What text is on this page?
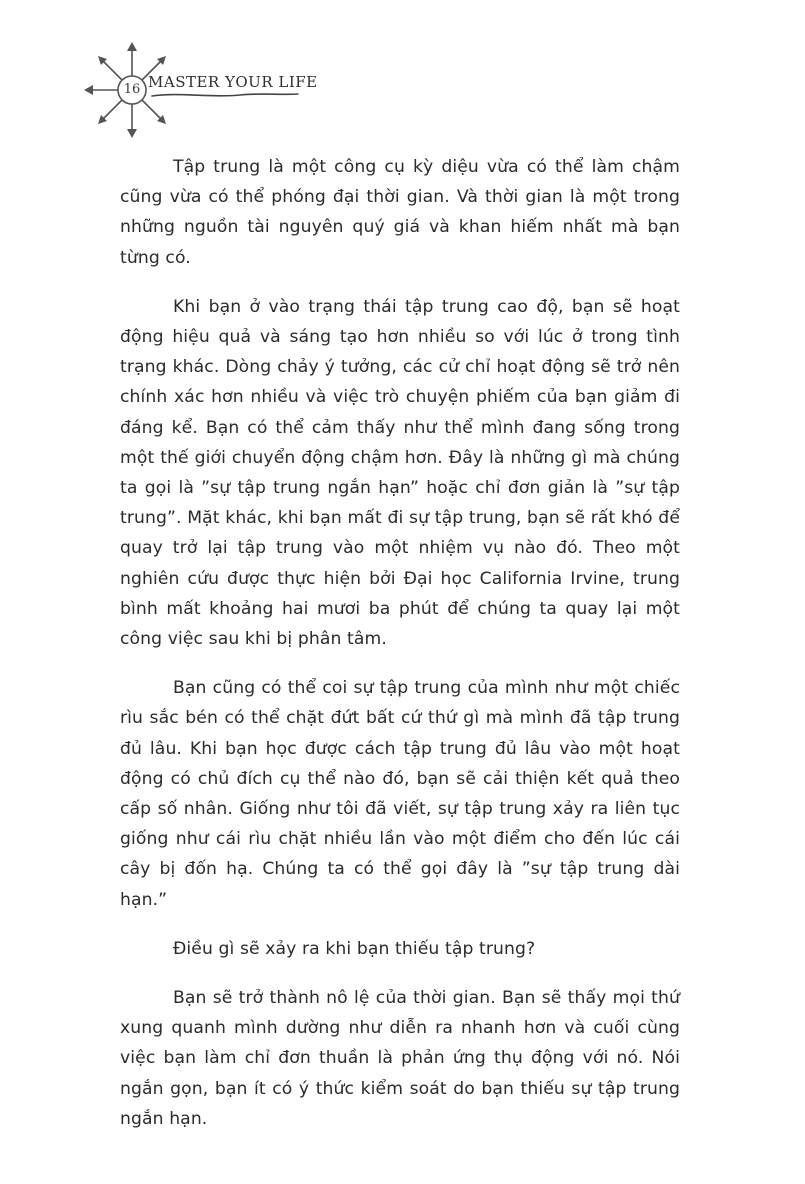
16 MASTER YOUR LIFE

Tập trung là một công cụ kỳ diệu vừa có thể làm chậm cũng vừa có thể phóng đại thời gian. Và thời gian là một trong những nguồn tài nguyên quý giá và khan hiếm nhất mà bạn từng có.

Khi bạn ở vào trạng thái tập trung cao độ, bạn sẽ hoạt động hiệu quả và sáng tạo hơn nhiều so với lúc ở trong tình trạng khác. Dòng chảy ý tưởng, các cử chỉ hoạt động sẽ trở nên chính xác hơn nhiều và việc trò chuyện phiếm của bạn giảm đi đáng kể. Bạn có thể cảm thấy như thể mình đang sống trong một thế giới chuyển động chậm hơn. Đây là những gì mà chúng ta gọi là ”sự tập trung ngắn hạn” hoặc chỉ đơn giản là ”sự tập trung”. Mặt khác, khi bạn mất đi sự tập trung, bạn sẽ rất khó để quay trở lại tập trung vào một nhiệm vụ nào đó. Theo một nghiên cứu được thực hiện bởi Đại học California Irvine, trung bình mất khoảng hai mươi ba phút để chúng ta quay lại một công việc sau khi bị phân tâm.

Bạn cũng có thể coi sự tập trung của mình như một chiếc rìu sắc bén có thể chặt đứt bất cứ thứ gì mà mình đã tập trung đủ lâu. Khi bạn học được cách tập trung đủ lâu vào một hoạt động có chủ đích cụ thể nào đó, bạn sẽ cải thiện kết quả theo cấp số nhân. Giống như tôi đã viết, sự tập trung xảy ra liên tục giống như cái rìu chặt nhiều lần vào một điểm cho đến lúc cái cây bị đốn hạ. Chúng ta có thể gọi đây là ”sự tập trung dài hạn.”

Điều gì sẽ xảy ra khi bạn thiếu tập trung?

Bạn sẽ trở thành nô lệ của thời gian. Bạn sẽ thấy mọi thứ xung quanh mình dường như diễn ra nhanh hơn và cuối cùng việc bạn làm chỉ đơn thuần là phản ứng thụ động với nó. Nói ngắn gọn, bạn ít có ý thức kiểm soát do bạn thiếu sự tập trung ngắn hạn.
